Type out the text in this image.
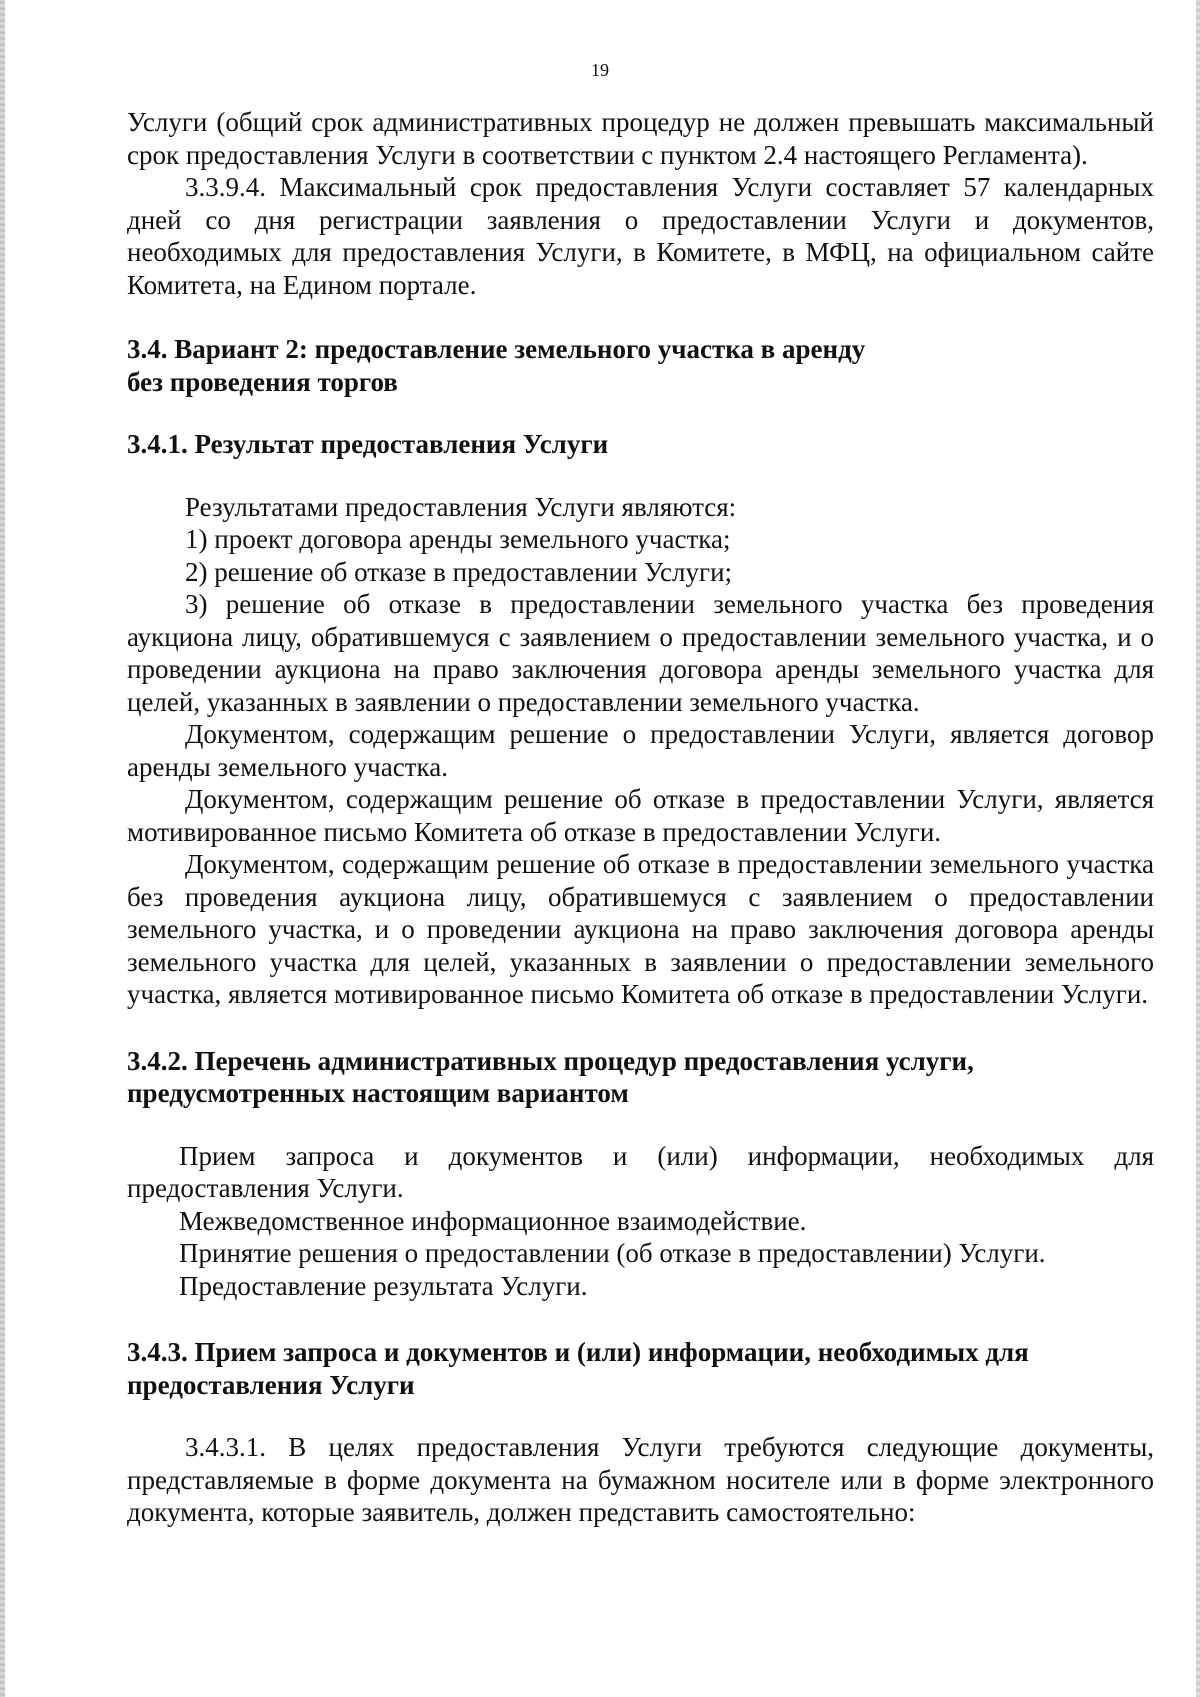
19

Услуги (общий срок административных процедур не должен превышать максимальный срок предоставления Услуги в соответствии с пунктом 2.4 настоящего Регламента).

3.3.9.4. Максимальный срок предоставления Услуги составляет 57 календарных дней со дня регистрации заявления о предоставлении Услуги и документов, необходимых для предоставления Услуги, в Комитете, в МФЦ, на официальном сайте Комитета, на Едином портале.

3.4. Вариант 2: предоставление земельного участка в аренду

без проведения торгов

3.4.1. Результат предоставления Услуги

Результатами предоставления Услуги являются:

1) проект договора аренды земельного участка;

2) решение об отказе в предоставлении Услуги;

3) решение об отказе в предоставлении земельного участка без проведения аукциона лицу, обратившемуся с заявлением о предоставлении земельного участка, и о проведении аукциона на право заключения договора аренды земельного участка для целей, указанных в заявлении о предоставлении земельного участка.

Документом, содержащим решение о предоставлении Услуги, является договор аренды земельного участка.

Документом, содержащим решение об отказе в предоставлении Услуги, является мотивированное письмо Комитета об отказе в предоставлении Услуги.

Документом, содержащим решение об отказе в предоставлении земельного участка без проведения аукциона лицу, обратившемуся с заявлением о предоставлении земельного участка, и о проведении аукциона на право заключения договора аренды земельного участка для целей, указанных в заявлении о предоставлении земельного участка, является мотивированное письмо Комитета об отказе в предоставлении Услуги.

3.4.2. Перечень административных процедур предоставления услуги,

предусмотренных настоящим вариантом

Прием запроса и документов и (или) информации, необходимых для предоставления Услуги.

Межведомственное информационное взаимодействие.

Принятие решения о предоставлении (об отказе в предоставлении) Услуги.

Предоставление результата Услуги.

3.4.3. Прием запроса и документов и (или) информации, необходимых для

предоставления Услуги

3.4.3.1. В целях предоставления Услуги требуются следующие документы, представляемые в форме документа на бумажном носителе или в форме электронного документа, которые заявитель, должен представить самостоятельно:
